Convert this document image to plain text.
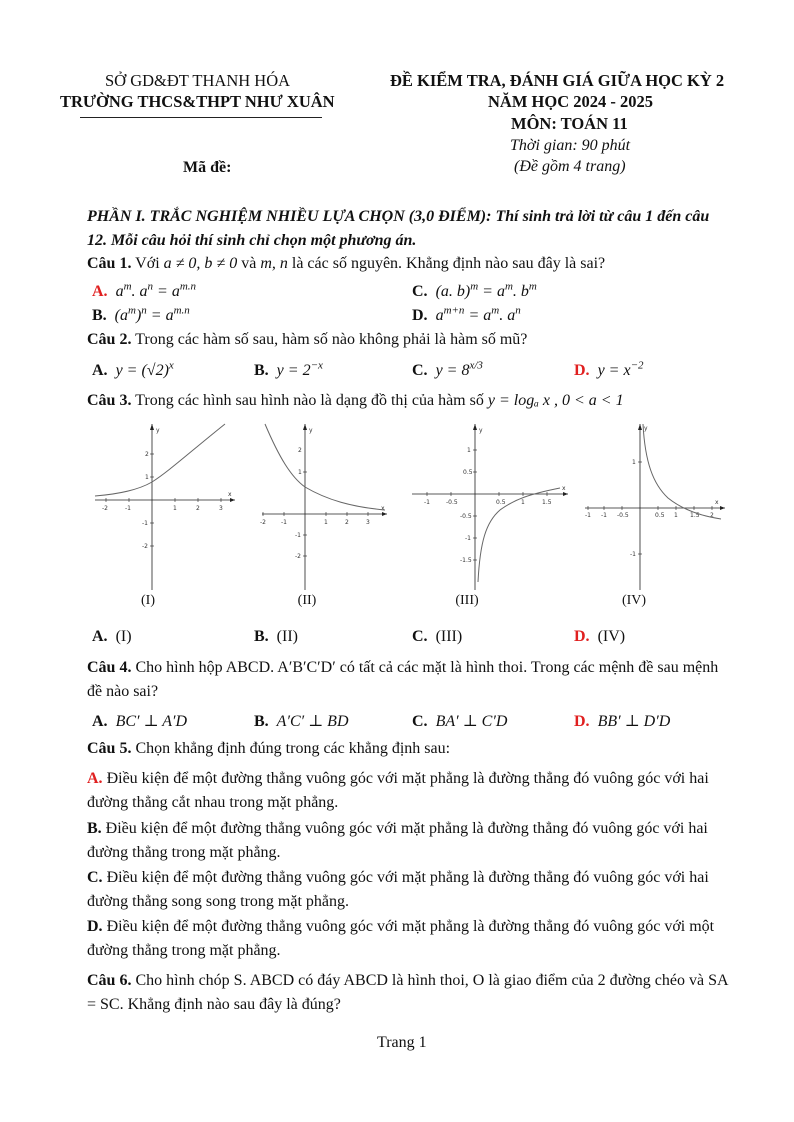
SỞ GD&ĐT THANH HÓA
TRƯỜNG THCS&THPT NHƯ XUÂN
ĐỀ KIỂM TRA, ĐÁNH GIÁ GIỮA HỌC KỲ 2
NĂM HỌC 2024 - 2025
MÔN: TOÁN 11
Thời gian: 90 phút
(Đề gồm 4 trang)
Mã đề:
PHẦN I. TRẮC NGHIỆM NHIỀU LỰA CHỌN (3,0 ĐIỂM): Thí sinh trả lời từ câu 1 đến câu 12. Mỗi câu hỏi thí sinh chỉ chọn một phương án.
Câu 1. Với a ≠ 0, b ≠ 0 và m, n là các số nguyên. Khẳng định nào sau đây là sai?
A. $a^m$. $a^n = a^{m.n}$	C. (a. $b)^m = a^m$. $b^m$
B. $(a^m)^n = a^{m.n}$	D. $a^{m+n} = a^m$. $a^n$
Câu 2. Trong các hàm số sau, hàm số nào không phải là hàm số mũ?
A. $y = (√2)^x$	B. $y = 2^{-x}$	C. $y = 8^{x/3}$	D. $y = x^{-2}$
Câu 3. Trong các hình sau hình nào là dạng đồ thị của hàm số y = logₐ x , 0 < a < 1
x
y
-2	-1	1	2	3
2
1
-1
-2
x
y
-2	-1	1	2	3
2
1
-1
-2
x
y
-1	-0.5	0.5	1	1.5
1
0.5
-0.5
-1
-1.5
x
y
-1 -1 -0.5	0.5 1 1.5 2
1
-1
(I)	(II)	(III)	(IV)
A. (I)	B. (II)	C. (III)	D. (IV)
Câu 4. Cho hình hộp ABCD. A′B′C′D′ có tất cả các mặt là hình thoi. Trong các mệnh đề sau mệnh đề nào sai?
A. BC′ ⊥ A′D	B. A′C′ ⊥ BD	C. BA′ ⊥ C′D	D. BB′ ⊥ D′D
Câu 5. Chọn khẳng định đúng trong các khẳng định sau:
A. Điều kiện để một đường thẳng vuông góc với mặt phẳng là đường thẳng đó vuông góc với hai đường thẳng cắt nhau trong mặt phẳng.
B. Điều kiện để một đường thẳng vuông góc với mặt phẳng là đường thẳng đó vuông góc với hai đường thẳng trong mặt phẳng.
C. Điều kiện để một đường thẳng vuông góc với mặt phẳng là đường thẳng đó vuông góc với hai đường thẳng song song trong mặt phẳng.
D. Điều kiện để một đường thẳng vuông góc với mặt phẳng là đường thẳng đó vuông góc với một đường thẳng trong mặt phẳng.
Câu 6. Cho hình chóp S. ABCD có đáy ABCD là hình thoi, O là giao điểm của 2 đường chéo và SA = SC. Khẳng định nào sau đây là đúng?
Trang 1
